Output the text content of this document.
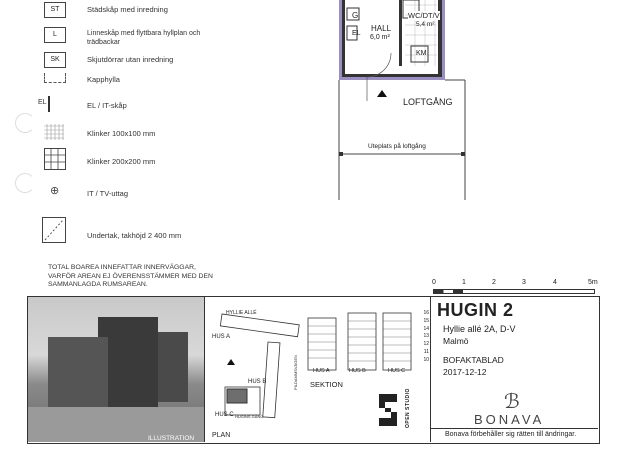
ST	Städskåp med inredning
L	Linneskåp med flyttbara hyllplan och trädbackar
SK	Skjutdörrar utan inredning
Kapphylla
EL	EL / IT-skåp
Klinker 100x100 mm
Klinker 200x200 mm
⊕	IT / TV-uttag
Undertak, takhöjd 2 400 mm
G
EL
HALL
6,0 m²
WC/DT/V
5,4 m²
KM
LOFTGÅNG
Uteplats på loftgång
TOTAL BOAREA INNEFATTAR INNERVÄGGAR, VARFÖR AREAN EJ ÖVERENSSTÄMMER MED DEN SAMMANLAGDA RUMSAREAN.	0	1	2	3	4	5m
ILLUSTRATION
HYLLIE ALLÉ
HUS A
HUS B
HUS C HUGINS GÅNG
PILDAMMSVÄGEN
PLAN
HUS A	HUS B	HUS C
SEKTION
16
15
14
13
12
11
10
OPEN STUDIO
HUGIN 2
Hyllie allé 2A, D-V
Malmö
BOFAKTABLAD
2017-12-12
ℬ
BONAVA
Bonava förbehåller sig rätten till ändringar.
